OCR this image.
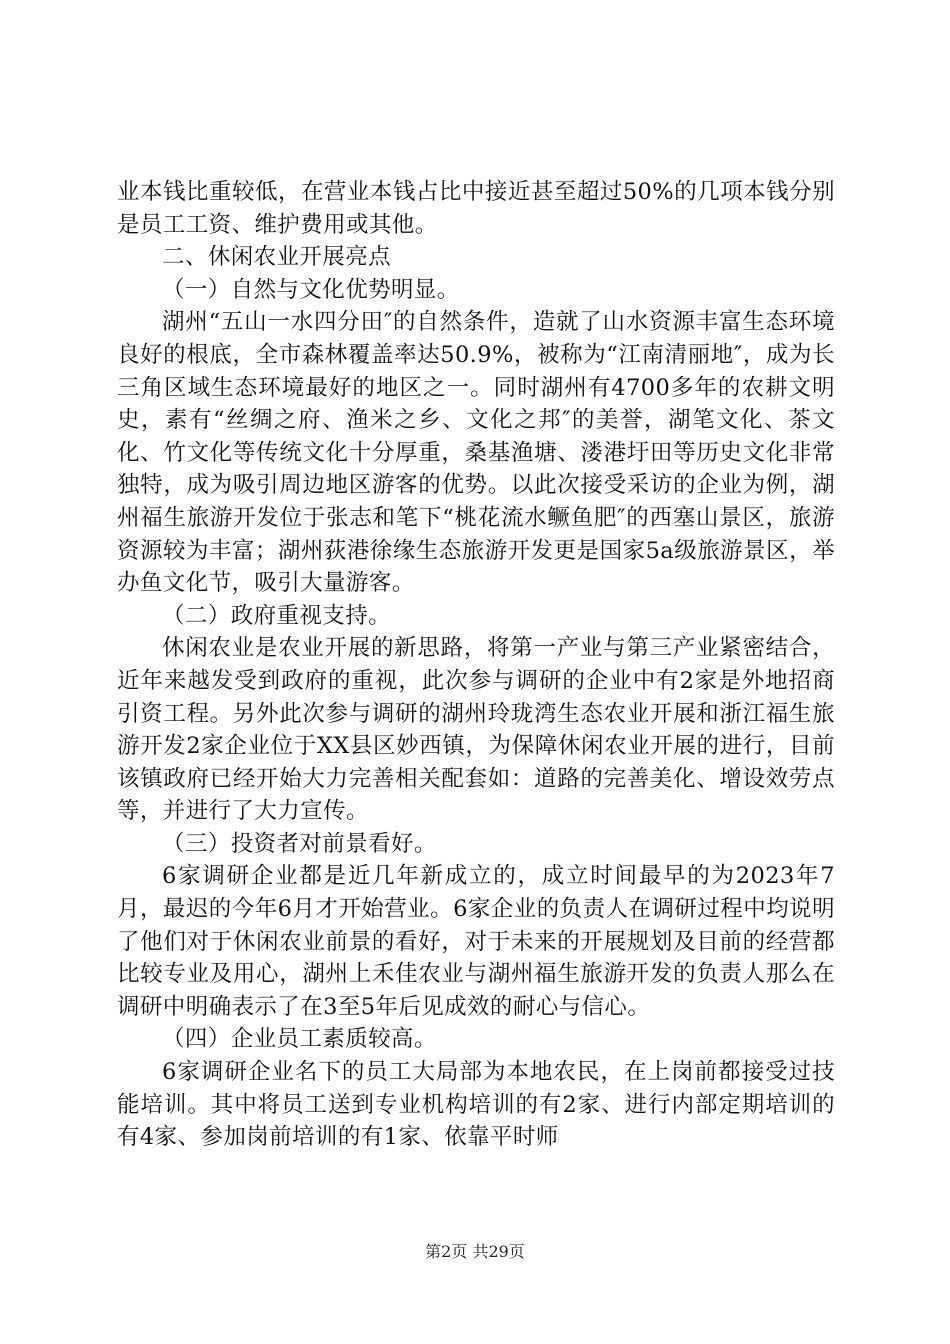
业本钱比重较低，在营业本钱占比中接近甚至超过50%的几项本钱分别是员工工资、维护费用或其他。

二、休闲农业开展亮点

（一）自然与文化优势明显。

湖州“五山一水四分田″的自然条件，造就了山水资源丰富生态环境良好的根底，全市森林覆盖率达50.9%，被称为“江南清丽地″，成为长三角区域生态环境最好的地区之一。同时湖州有4700多年的农耕文明史，素有“丝绸之府、渔米之乡、文化之邦″的美誉，湖笔文化、茶文化、竹文化等传统文化十分厚重，桑基渔塘、溇港圩田等历史文化非常独特，成为吸引周边地区游客的优势。以此次接受采访的企业为例，湖州福生旅游开发位于张志和笔下“桃花流水鳜鱼肥″的西塞山景区，旅游资源较为丰富；湖州荻港徐缘生态旅游开发更是国家5a级旅游景区，举办鱼文化节，吸引大量游客。

（二）政府重视支持。

休闲农业是农业开展的新思路，将第一产业与第三产业紧密结合，近年来越发受到政府的重视，此次参与调研的企业中有2家是外地招商引资工程。另外此次参与调研的湖州玲珑湾生态农业开展和浙江福生旅游开发2家企业位于XX县区妙西镇，为保障休闲农业开展的进行，目前该镇政府已经开始大力完善相关配套如：道路的完善美化、增设效劳点等，并进行了大力宣传。

（三）投资者对前景看好。

6家调研企业都是近几年新成立的，成立时间最早的为2023年7月，最迟的今年6月才开始营业。6家企业的负责人在调研过程中均说明了他们对于休闲农业前景的看好，对于未来的开展规划及目前的经营都比较专业及用心，湖州上禾佳农业与湖州福生旅游开发的负责人那么在调研中明确表示了在3至5年后见成效的耐心与信心。

（四）企业员工素质较高。

6家调研企业名下的员工大局部为本地农民，在上岗前都接受过技能培训。其中将员工送到专业机构培训的有2家、进行内部定期培训的有4家、参加岗前培训的有1家、依靠平时师

第2页 共29页
